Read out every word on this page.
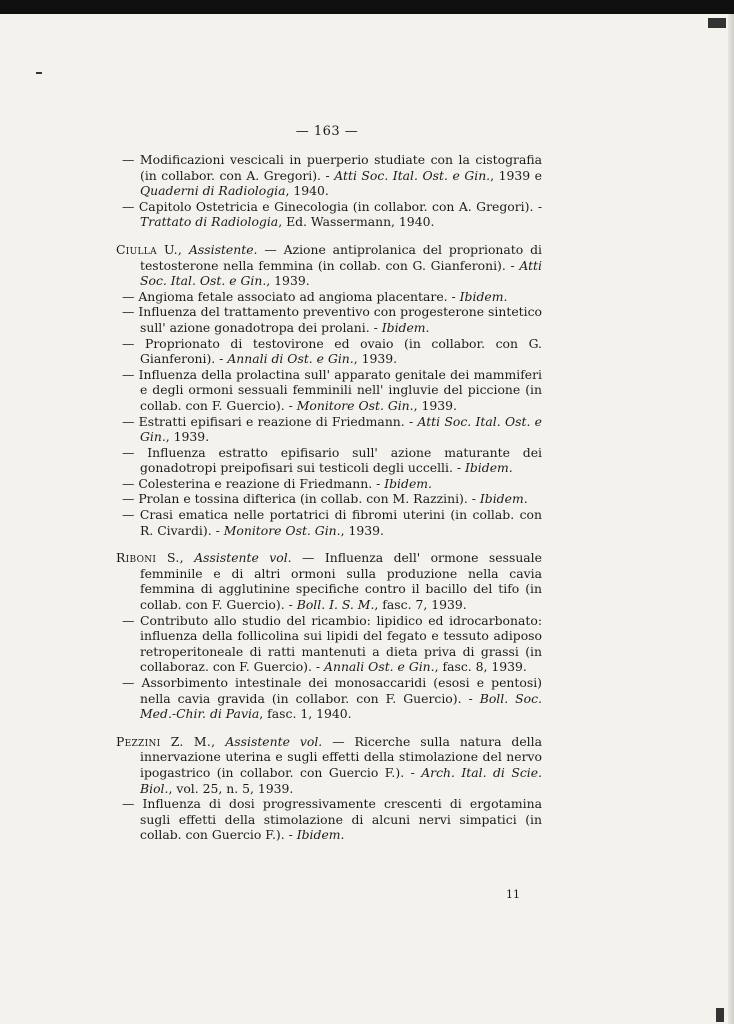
— 163 —

— Modificazioni vescicali in puerperio studiate con la cistografia (in collabor. con A. Gregori). - Atti Soc. Ital. Ost. e Gin., 1939 e Quaderni di Radiologia, 1940.

— Capitolo Ostetricia e Ginecologia (in collabor. con A. Gregori). - Trattato di Radiologia, Ed. Wassermann, 1940.

Ciulla U., Assistente. — Azione antiprolanica del proprionato di testosterone nella femmina (in collab. con G. Gianferoni). - Atti Soc. Ital. Ost. e Gin., 1939.

— Angioma fetale associato ad angioma placentare. - Ibidem.

— Influenza del trattamento preventivo con progesterone sintetico sull' azione gonadotropa dei prolani. - Ibidem.

— Proprionato di testovirone ed ovaio (in collabor. con G. Gianferoni). - Annali di Ost. e Gin., 1939.

— Influenza della prolactina sull' apparato genitale dei mammiferi e degli ormoni sessuali femminili nell' ingluvie del piccione (in collab. con F. Guercio). - Monitore Ost. Gin., 1939.

— Estratti epifisari e reazione di Friedmann. - Atti Soc. Ital. Ost. e Gin., 1939.

— Influenza estratto epifisario sull' azione maturante dei gonadotropi preipofisari sui testicoli degli uccelli. - Ibidem.

— Colesterina e reazione di Friedmann. - Ibidem.

— Prolan e tossina difterica (in collab. con M. Razzini). - Ibidem.

— Crasi ematica nelle portatrici di fibromi uterini (in collab. con R. Civardi). - Monitore Ost. Gin., 1939.

Riboni S., Assistente vol. — Influenza dell' ormone sessuale femminile e di altri ormoni sulla produzione nella cavia femmina di agglutinine specifiche contro il bacillo del tifo (in collab. con F. Guercio). - Boll. I. S. M., fasc. 7, 1939.

— Contributo allo studio del ricambio: lipidico ed idrocarbonato: influenza della follicolina sui lipidi del fegato e tessuto adiposo retroperitoneale di ratti mantenuti a dieta priva di grassi (in collaboraz. con F. Guercio). - Annali Ost. e Gin., fasc. 8, 1939.

— Assorbimento intestinale dei monosaccaridi (esosi e pentosi) nella cavia gravida (in collabor. con F. Guercio). - Boll. Soc. Med.-Chir. di Pavia, fasc. 1, 1940.

Pezzini Z. M., Assistente vol. — Ricerche sulla natura della innervazione uterina e sugli effetti della stimolazione del nervo ipogastrico (in collabor. con Guercio F.). - Arch. Ital. di Scie. Biol., vol. 25, n. 5, 1939.

— Influenza di dosi progressivamente crescenti di ergotamina sugli effetti della stimolazione di alcuni nervi simpatici (in collab. con Guercio F.). - Ibidem.

11
